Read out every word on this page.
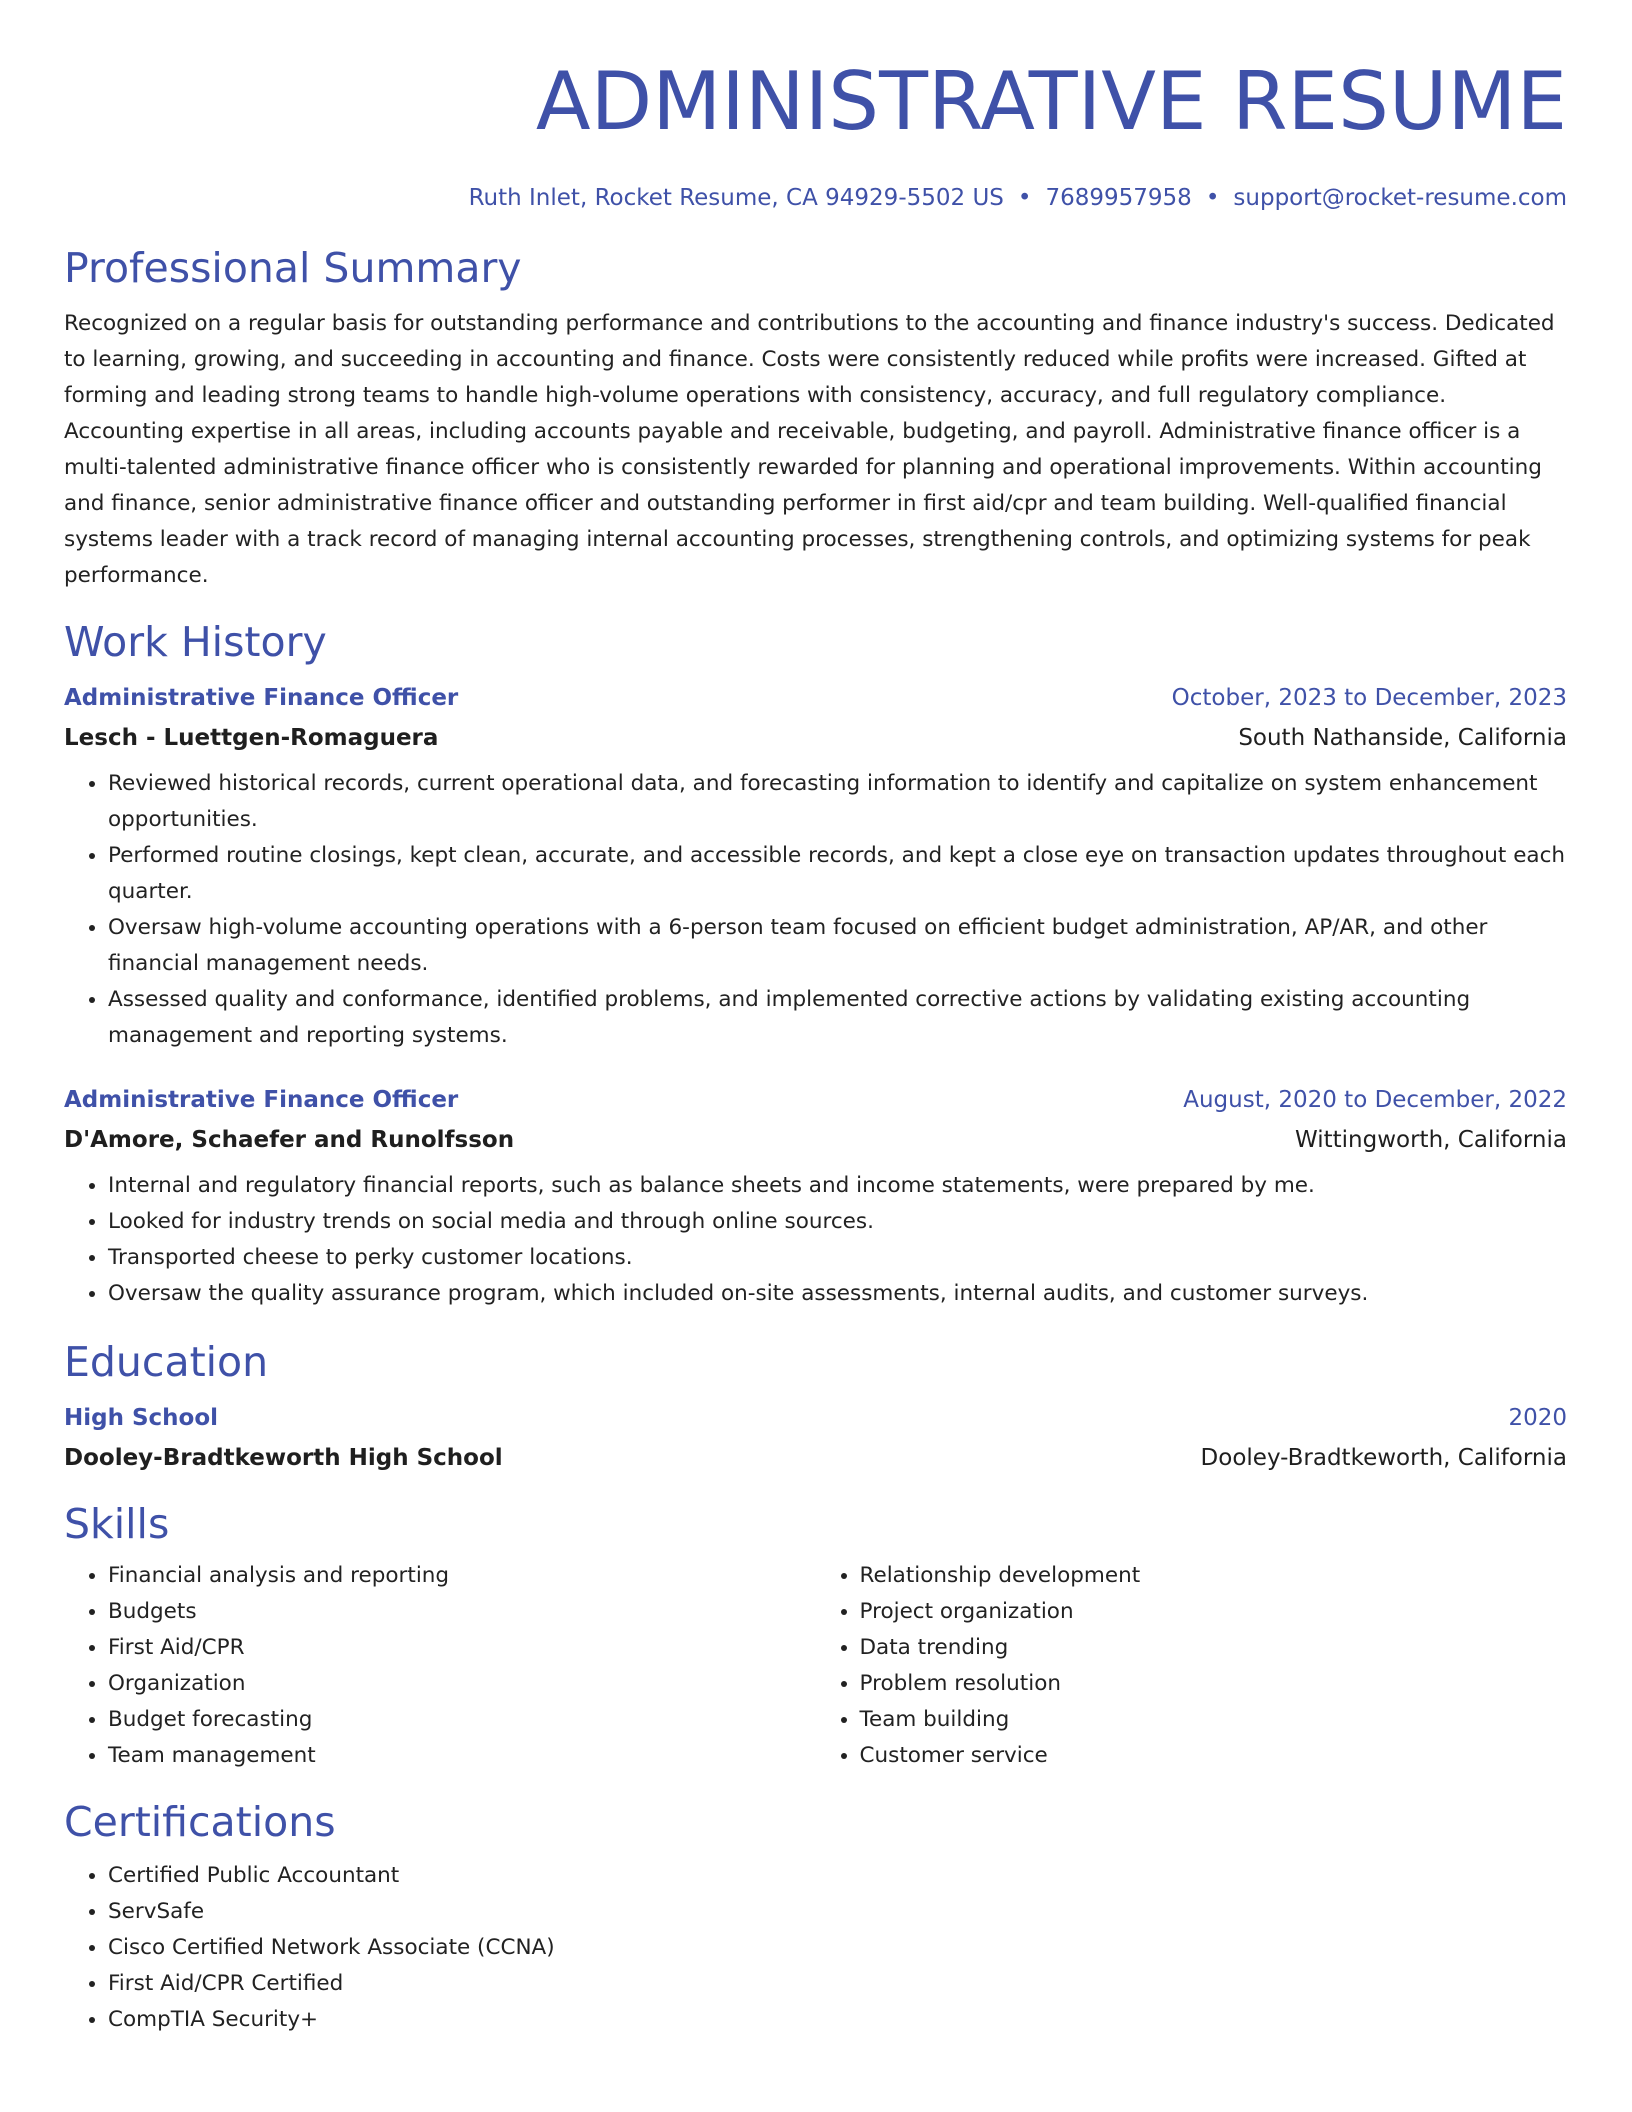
ADMINISTRATIVE RESUME
Ruth Inlet, Rocket Resume, CA 94929-5502 US • 7689957958 • support@rocket-resume.com
Professional Summary
Recognized on a regular basis for outstanding performance and contributions to the accounting and finance industry's success. Dedicated to learning, growing, and succeeding in accounting and finance. Costs were consistently reduced while profits were increased. Gifted at forming and leading strong teams to handle high-volume operations with consistency, accuracy, and full regulatory compliance. Accounting expertise in all areas, including accounts payable and receivable, budgeting, and payroll. Administrative finance officer is a multi-talented administrative finance officer who is consistently rewarded for planning and operational improvements. Within accounting and finance, senior administrative finance officer and outstanding performer in first aid/cpr and team building. Well-qualified financial systems leader with a track record of managing internal accounting processes, strengthening controls, and optimizing systems for peak performance.
Work History
Administrative Finance Officer	October, 2023 to December, 2023
Lesch - Luettgen-Romaguera	South Nathanside, California
• Reviewed historical records, current operational data, and forecasting information to identify and capitalize on system enhancement opportunities.
• Performed routine closings, kept clean, accurate, and accessible records, and kept a close eye on transaction updates throughout each quarter.
• Oversaw high-volume accounting operations with a 6-person team focused on efficient budget administration, AP/AR, and other financial management needs.
• Assessed quality and conformance, identified problems, and implemented corrective actions by validating existing accounting management and reporting systems.
Administrative Finance Officer	August, 2020 to December, 2022
D'Amore, Schaefer and Runolfsson	Wittingworth, California
• Internal and regulatory financial reports, such as balance sheets and income statements, were prepared by me.
• Looked for industry trends on social media and through online sources.
• Transported cheese to perky customer locations.
• Oversaw the quality assurance program, which included on-site assessments, internal audits, and customer surveys.
Education
High School	2020
Dooley-Bradtkeworth High School	Dooley-Bradtkeworth, California
Skills
• Financial analysis and reporting
• Budgets
• First Aid/CPR
• Organization
• Budget forecasting
• Team management
• Relationship development
• Project organization
• Data trending
• Problem resolution
• Team building
• Customer service
Certifications
• Certified Public Accountant
• ServSafe
• Cisco Certified Network Associate (CCNA)
• First Aid/CPR Certified
• CompTIA Security+
